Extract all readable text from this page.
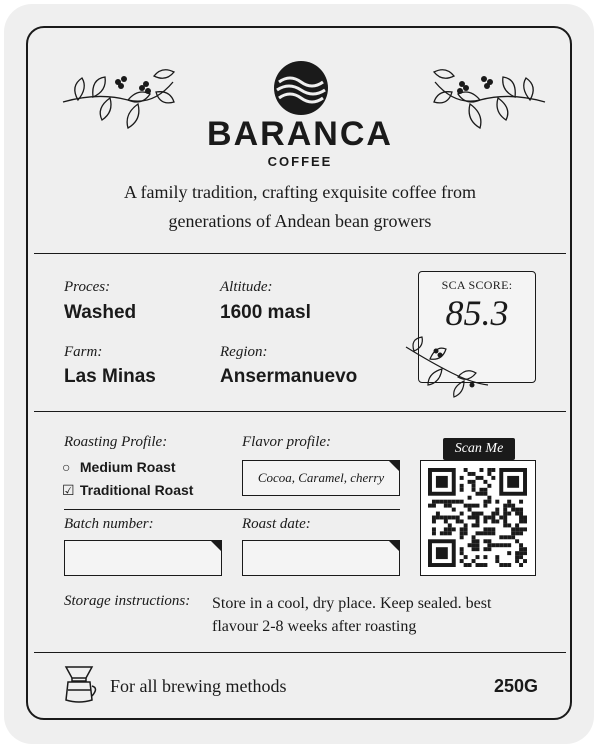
BARANCA
COFFEE
A family tradition, crafting exquisite coffee from generations of Andean bean growers
Proces:
Washed
Altitude:
1600 masl
Farm:
Las Minas
Region:
Ansermanuevo
SCA SCORE:
85.3
Roasting Profile:
○ Medium Roast
☑ Traditional Roast
Flavor profile:
Cocoa, Caramel, cherry
Batch number:	Roast date:
Scan Me
Storage instructions: Store in a cool, dry place. Keep sealed. best
flavour 2-8 weeks after roasting
For all brewing methods	250G
